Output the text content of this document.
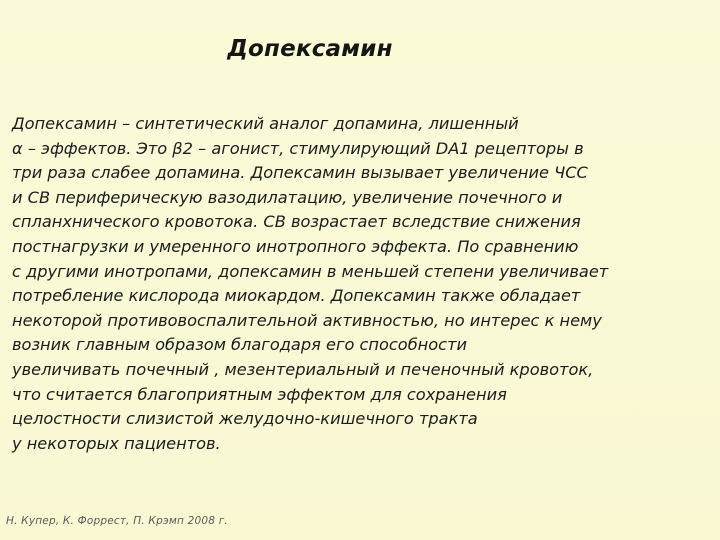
Допексамин
Допексамин – синтетический аналог допамина, лишенный
α – эффектов. Это β2 – агонист, стимулирующий DA1 рецепторы в
три раза слабее допамина. Допексамин вызывает увеличение ЧСС
и СВ периферическую вазодилатацию, увеличение почечного и
спланхнического кровотока. СВ возрастает вследствие снижения
постнагрузки и умеренного инотропного эффекта. По сравнению
с другими инотропами, допексамин в меньшей степени увеличивает
потребление кислорода миокардом. Допексамин также обладает
некоторой противовоспалительной активностью, но интерес к нему
возник главным образом благодаря его способности
увеличивать почечный , мезентериальный и печеночный кровоток,
что считается благоприятным эффектом для сохранения
целостности слизистой желудочно-кишечного тракта
у некоторых пациентов.
Н. Купер, К. Форрест, П. Крэмп 2008 г.
